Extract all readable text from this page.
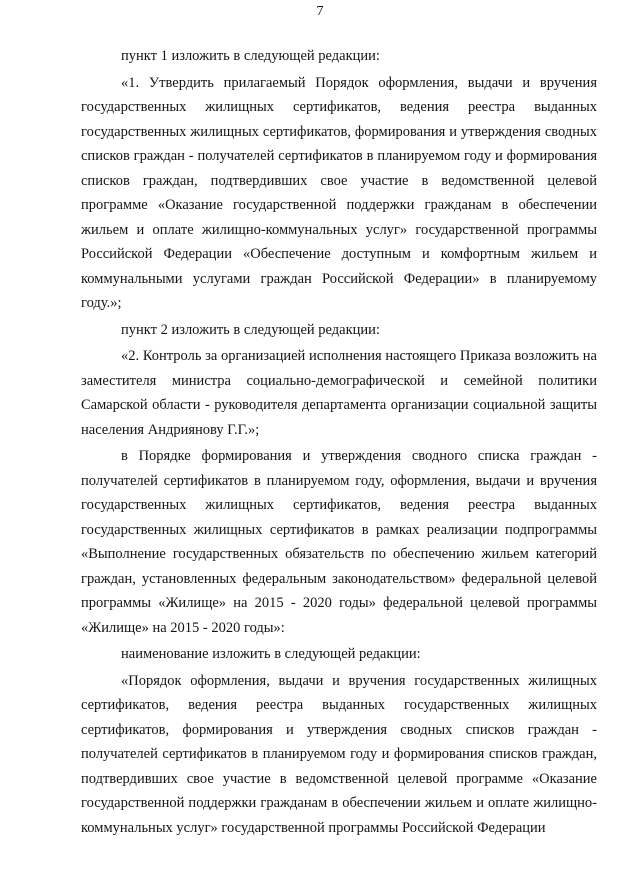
7

пункт 1 изложить в следующей редакции:

«1. Утвердить прилагаемый Порядок оформления, выдачи и вручения государственных жилищных сертификатов, ведения реестра выданных государственных жилищных сертификатов, формирования и утверждения сводных списков граждан - получателей сертификатов в планируемом году и формирования списков граждан, подтвердивших свое участие в ведомственной целевой программе «Оказание государственной поддержки гражданам в обеспечении жильем и оплате жилищно-коммунальных услуг» государственной программы Российской Федерации «Обеспечение доступным и комфортным жильем и коммунальными услугами граждан Российской Федерации» в планируемому году.»;

пункт 2 изложить в следующей редакции:

«2. Контроль за организацией исполнения настоящего Приказа возложить на заместителя министра социально-демографической и семейной политики Самарской области - руководителя департамента организации социальной защиты населения Андриянову Г.Г.»;

в Порядке формирования и утверждения сводного списка граждан - получателей сертификатов в планируемом году, оформления, выдачи и вручения государственных жилищных сертификатов, ведения реестра выданных государственных жилищных сертификатов в рамках реализации подпрограммы «Выполнение государственных обязательств по обеспечению жильем категорий граждан, установленных федеральным законодательством» федеральной целевой программы «Жилище» на 2015 - 2020 годы» федеральной целевой программы «Жилище» на 2015 - 2020 годы»:

наименование изложить в следующей редакции:

«Порядок оформления, выдачи и вручения государственных жилищных сертификатов, ведения реестра выданных государственных жилищных сертификатов, формирования и утверждения сводных списков граждан - получателей сертификатов в планируемом году и формирования списков граждан, подтвердивших свое участие в ведомственной целевой программе «Оказание государственной поддержки гражданам в обеспечении жильем и оплате жилищно-коммунальных услуг» государственной программы Российской Федерации
